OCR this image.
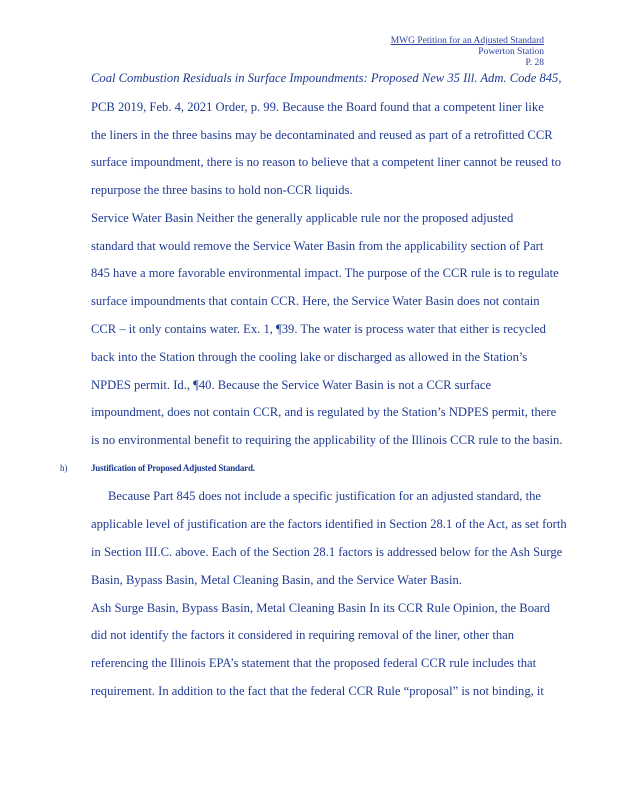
MWG Petition for an Adjusted Standard
Powerton Station
P. 28
Coal Combustion Residuals in Surface Impoundments: Proposed New 35 Ill. Adm. Code 845,
PCB 2019, Feb. 4, 2021 Order, p. 99. Because the Board found that a competent liner like
the liners in the three basins may be decontaminated and reused as part of a retrofitted CCR
surface impoundment, there is no reason to believe that a competent liner cannot be reused to
repurpose the three basins to hold non-CCR liquids.
Service Water Basin Neither the generally applicable rule nor the proposed adjusted
standard that would remove the Service Water Basin from the applicability section of Part
845 have a more favorable environmental impact. The purpose of the CCR rule is to regulate
surface impoundments that contain CCR. Here, the Service Water Basin does not contain
CCR – it only contains water. Ex. 1, ¶39. The water is process water that either is recycled
back into the Station through the cooling lake or discharged as allowed in the Station’s
NPDES permit. Id., ¶40. Because the Service Water Basin is not a CCR surface
impoundment, does not contain CCR, and is regulated by the Station’s NDPES permit, there
is no environmental benefit to requiring the applicability of the Illinois CCR rule to the basin.
h)	Justification of Proposed Adjusted Standard.
Because Part 845 does not include a specific justification for an adjusted standard, the
applicable level of justification are the factors identified in Section 28.1 of the Act, as set forth
in Section III.C. above. Each of the Section 28.1 factors is addressed below for the Ash Surge
Basin, Bypass Basin, Metal Cleaning Basin, and the Service Water Basin.
Ash Surge Basin, Bypass Basin, Metal Cleaning Basin In its CCR Rule Opinion, the Board
did not identify the factors it considered in requiring removal of the liner, other than
referencing the Illinois EPA’s statement that the proposed federal CCR rule includes that
requirement. In addition to the fact that the federal CCR Rule “proposal” is not binding, it
